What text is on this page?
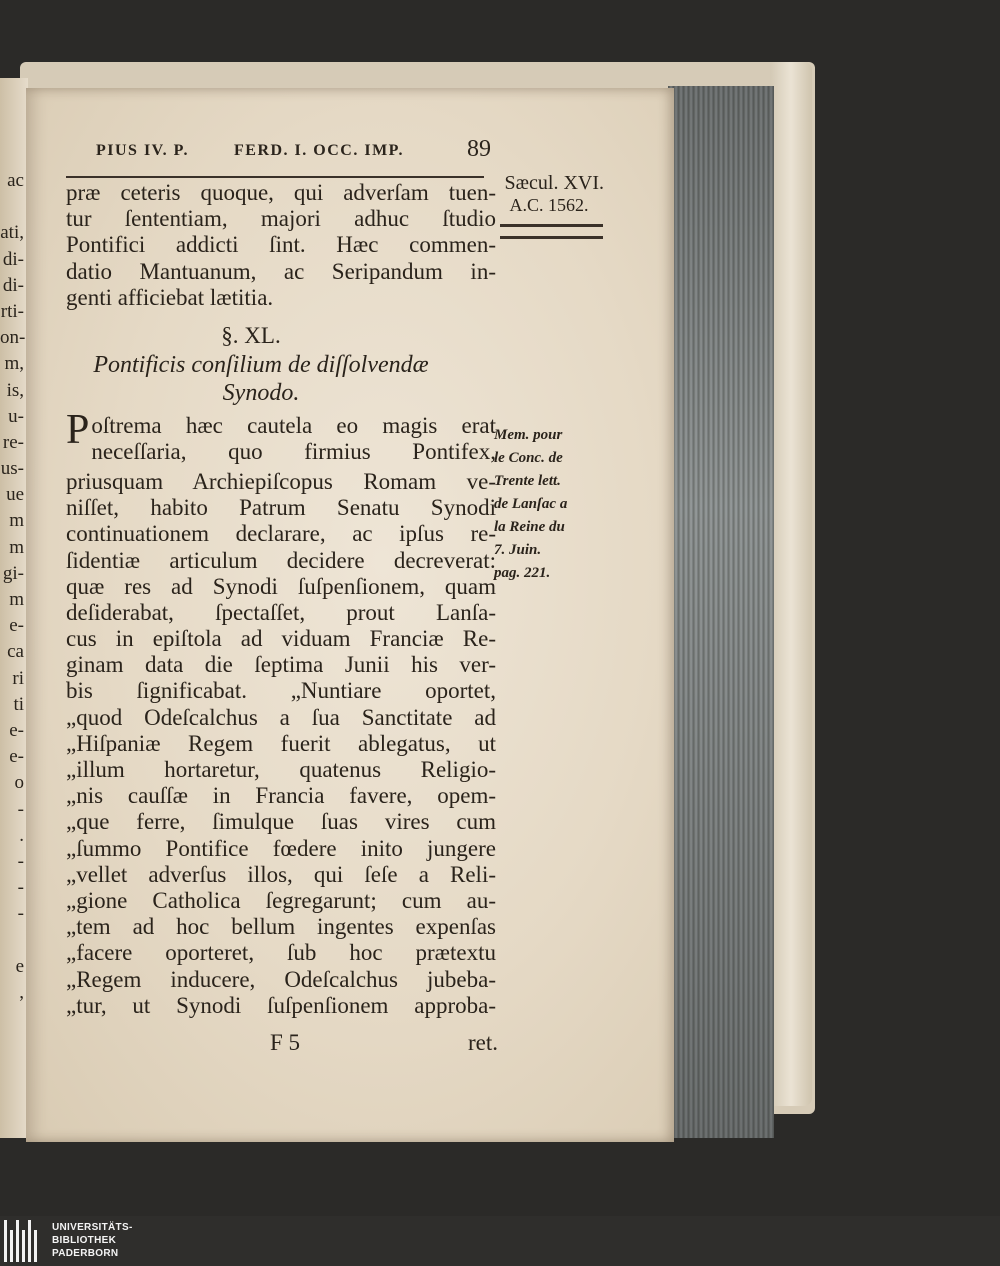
ac
ati,
di-
di-
rti-
on-
m,
is,
u-
re-
us-
ue
m
m
gi-
m
e-
ca
ri
ti
e-
e-
o
-
.
-
-
-
e
,
PIUS IV. P.	FERD. I. OCC. IMP.	89
Sæcul. XVI.
A.C. 1562.
Mem. pour
le Conc. de
Trente lett.
de Lanſac a
la Reine du
7. Juin.
pag. 221.
præ ceteris quoque, qui adverſam tuen-
tur ſententiam, majori adhuc ſtudio
Pontifici addicti ſint. Hæc commen-
datio Mantuanum, ac Seripandum in-
genti afficiebat lætitia.
§. XL.
Pontificis conſilium de diſſolvendæ
Synodo.
P oſtrema hæc cautela eo magis erat
neceſſaria, quo firmius Pontifex,
priusquam Archiepiſcopus Romam ve-
niſſet, habito Patrum Senatu Synodi
continuationem declarare, ac ipſus re-
ſidentiæ articulum decidere decreverat:
quæ res ad Synodi ſuſpenſionem, quam
deſiderabat, ſpectaſſet, prout Lanſa-
cus in epiſtola ad viduam Franciæ Re-
ginam data die ſeptima Junii his ver-
bis ſignificabat. „Nuntiare oportet,
„quod Odeſcalchus a ſua Sanctitate ad
„Hiſpaniæ Regem fuerit ablegatus, ut
„illum hortaretur, quatenus Religio-
„nis cauſſæ in Francia favere, opem-
„que ferre, ſimulque ſuas vires cum
„ſummo Pontifice fœdere inito jungere
„vellet adverſus illos, qui ſeſe a Reli-
„gione Catholica ſegregarunt; cum au-
„tem ad hoc bellum ingentes expenſas
„facere oporteret, ſub hoc prætextu
„Regem inducere, Odeſcalchus jubeba-
„tur, ut Synodi ſuſpenſionem approba-
F 5	ret.
UNIVERSITÄTS-
BIBLIOTHEK
PADERBORN
